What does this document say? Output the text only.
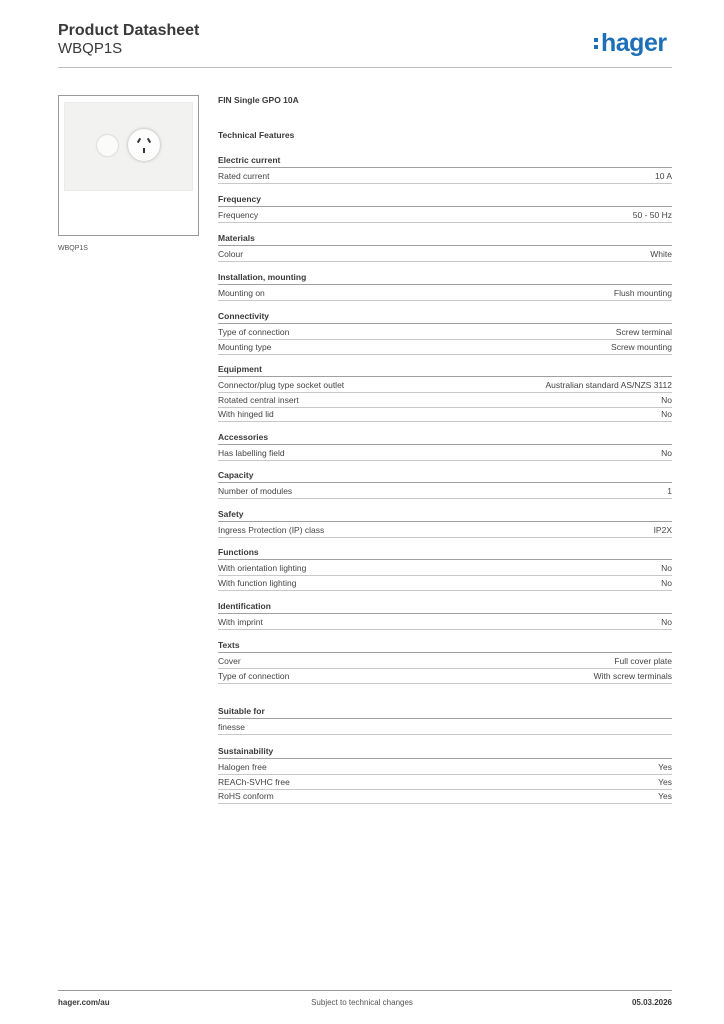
Product Datasheet
WBQP1S	hager
WBQP1S
FIN Single GPO 10A
Technical Features
Electric current
Rated current	10 A
Frequency
Frequency	50 - 50 Hz
Materials
Colour	White
Installation, mounting
Mounting on	Flush mounting
Connectivity
Type of connection	Screw terminal
Mounting type	Screw mounting
Equipment
Connector/plug type socket outlet	Australian standard AS/NZS 3112
Rotated central insert	No
With hinged lid	No
Accessories
Has labelling field	No
Capacity
Number of modules	1
Safety
Ingress Protection (IP) class	IP2X
Functions
With orientation lighting	No
With function lighting	No
Identification
With imprint	No
Texts
Cover	Full cover plate
Type of connection	With screw terminals
Suitable for
finesse
Sustainability
Halogen free	Yes
REACh-SVHC free	Yes
RoHS conform	Yes
hager.com/au	Subject to technical changes	05.03.2026
